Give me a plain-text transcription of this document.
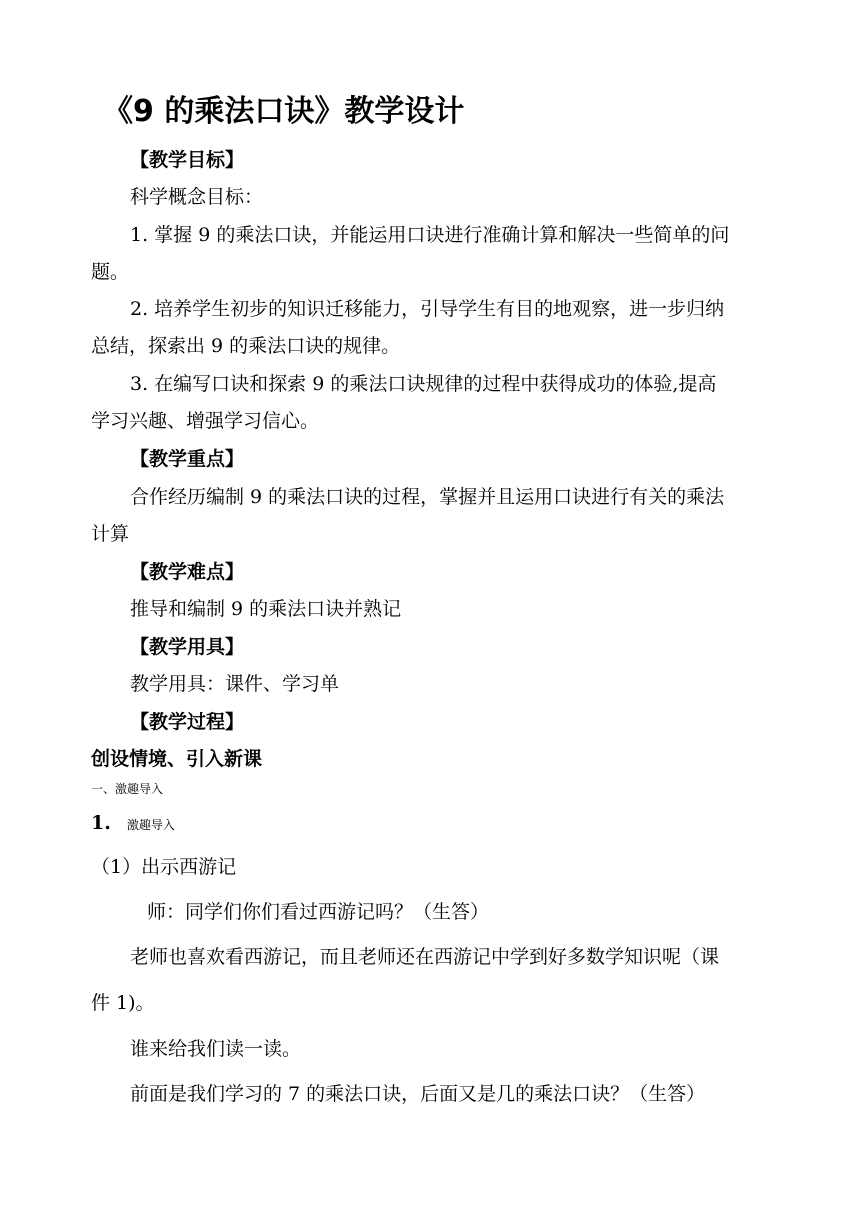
《9 的乘法口诀》教学设计
【教学目标】
科学概念目标：
1. 掌握 9 的乘法口诀，并能运用口诀进行准确计算和解决一些简单的问
题。
2. 培养学生初步的知识迁移能力，引导学生有目的地观察，进一步归纳
总结，探索出 9 的乘法口诀的规律。
3. 在编写口诀和探索 9 的乘法口诀规律的过程中获得成功的体验,提高
学习兴趣、增强学习信心。
【教学重点】
合作经历编制 9 的乘法口诀的过程，掌握并且运用口诀进行有关的乘法
计算
【教学难点】
推导和编制 9 的乘法口诀并熟记
【教学用具】
教学用具：课件、学习单
【教学过程】
创设情境、引入新课
一、激趣导入
1. 激趣导入
（1）出示西游记
师：同学们你们看过西游记吗？（生答）
老师也喜欢看西游记，而且老师还在西游记中学到好多数学知识呢（课
件 1)。
谁来给我们读一读。
前面是我们学习的 7 的乘法口诀，后面又是几的乘法口诀？（生答）
